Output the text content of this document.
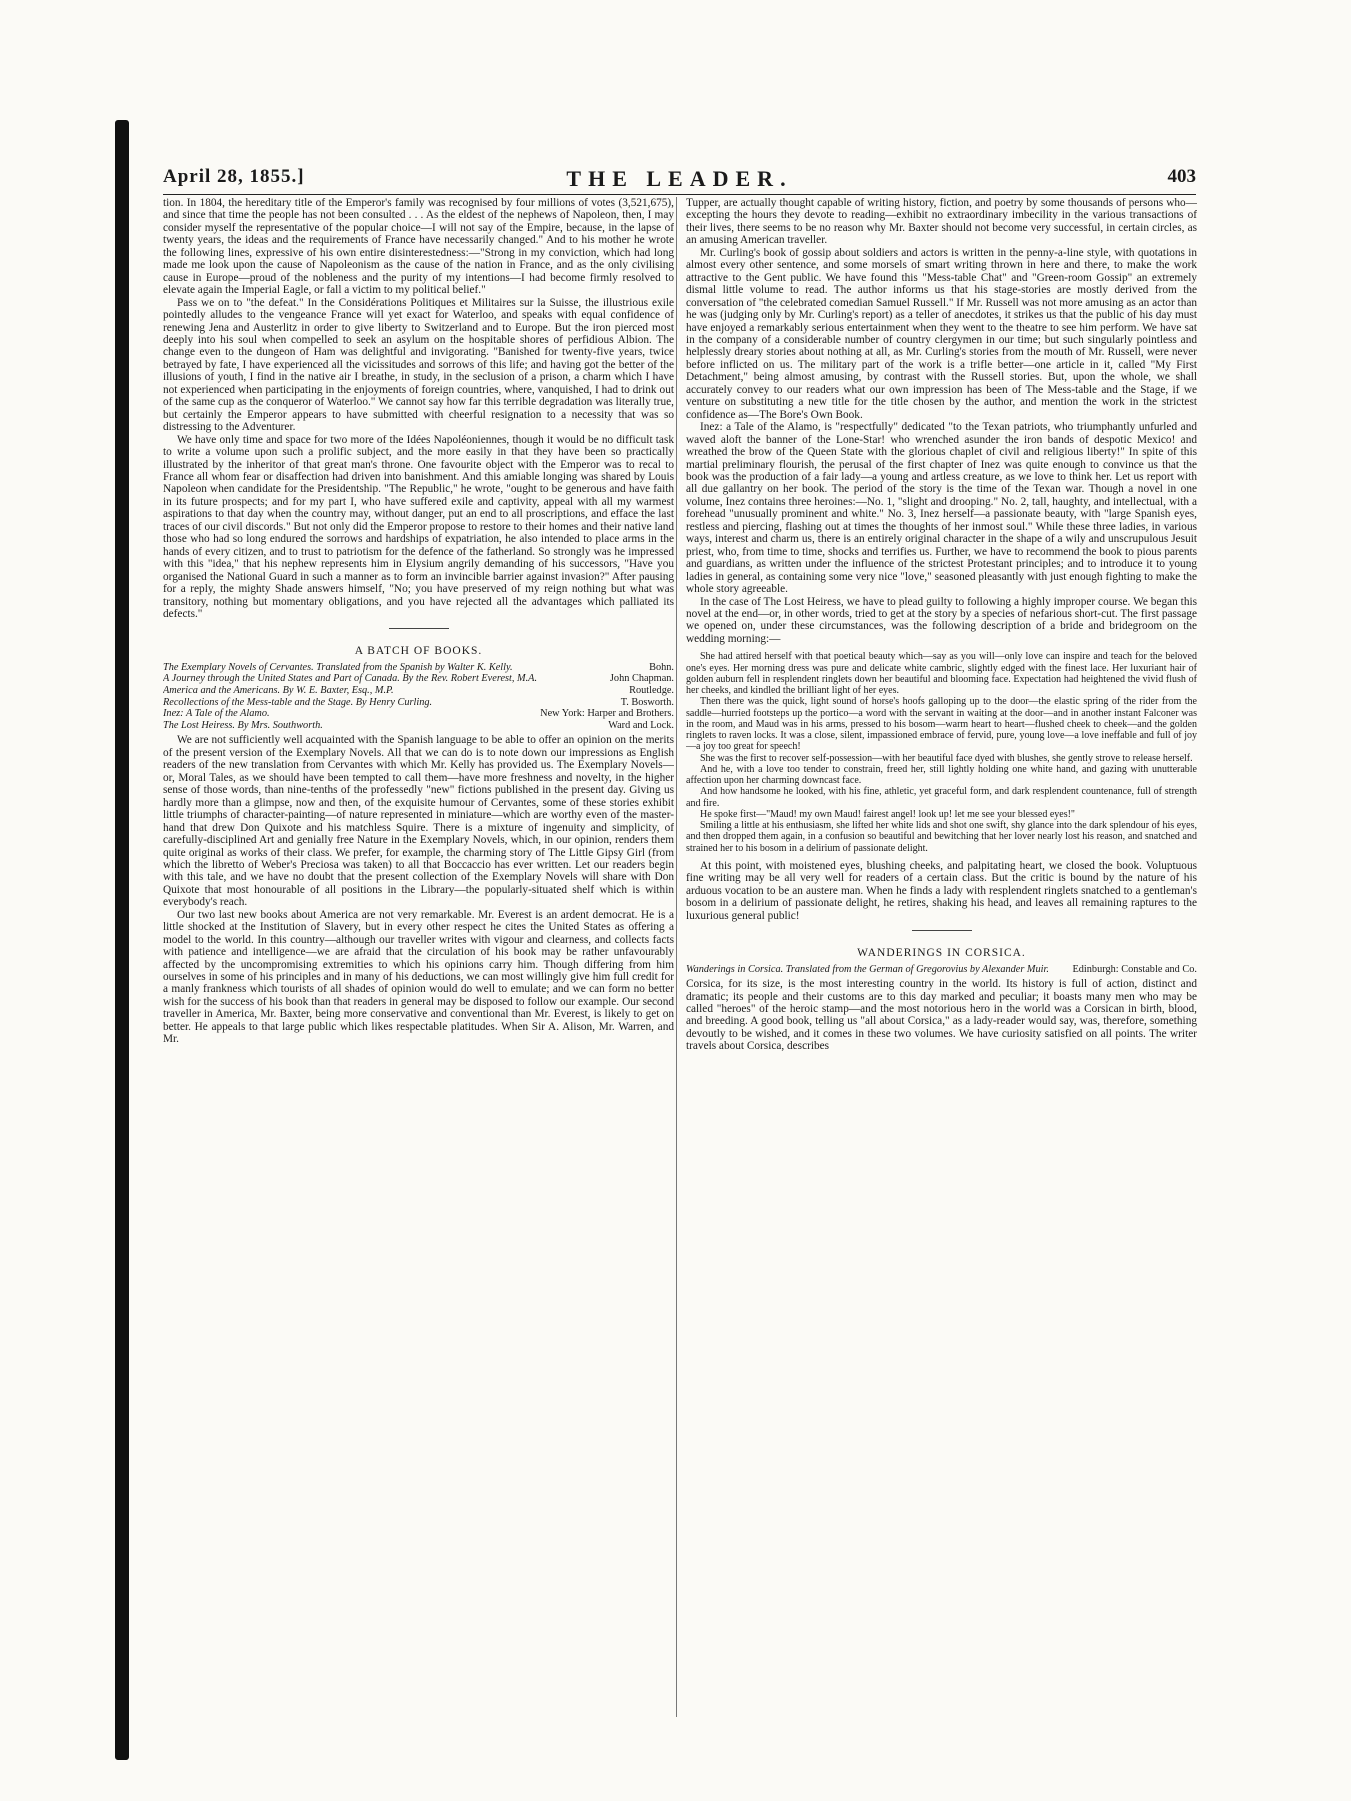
April 28, 1855.]	THE LEADER.	403

tion. In 1804, the hereditary title of the Emperor's family was recognised by four millions of votes (3,521,675), and since that time the people has not been consulted . . . As the eldest of the nephews of Napoleon, then, I may consider myself the representative of the popular choice—I will not say of the Empire, because, in the lapse of twenty years, the ideas and the requirements of France have necessarily changed." And to his mother he wrote the following lines, expressive of his own entire disinterestedness:—"Strong in my conviction, which had long made me look upon the cause of Napoleonism as the cause of the nation in France, and as the only civilising cause in Europe—proud of the nobleness and the purity of my intentions—I had become firmly resolved to elevate again the Imperial Eagle, or fall a victim to my political belief."

Pass we on to "the defeat." In the Considérations Politiques et Militaires sur la Suisse, the illustrious exile pointedly alludes to the vengeance France will yet exact for Waterloo, and speaks with equal confidence of renewing Jena and Austerlitz in order to give liberty to Switzerland and to Europe. But the iron pierced most deeply into his soul when compelled to seek an asylum on the hospitable shores of perfidious Albion. The change even to the dungeon of Ham was delightful and invigorating. "Banished for twenty-five years, twice betrayed by fate, I have experienced all the vicissitudes and sorrows of this life; and having got the better of the illusions of youth, I find in the native air I breathe, in study, in the seclusion of a prison, a charm which I have not experienced when participating in the enjoyments of foreign countries, where, vanquished, I had to drink out of the same cup as the conqueror of Waterloo." We cannot say how far this terrible degradation was literally true, but certainly the Emperor appears to have submitted with cheerful resignation to a necessity that was so distressing to the Adventurer.

We have only time and space for two more of the Idées Napoléoniennes, though it would be no difficult task to write a volume upon such a prolific subject, and the more easily in that they have been so practically illustrated by the inheritor of that great man's throne. One favourite object with the Emperor was to recal to France all whom fear or disaffection had driven into banishment. And this amiable longing was shared by Louis Napoleon when candidate for the Presidentship. "The Republic," he wrote, "ought to be generous and have faith in its future prospects; and for my part I, who have suffered exile and captivity, appeal with all my warmest aspirations to that day when the country may, without danger, put an end to all proscriptions, and efface the last traces of our civil discords." But not only did the Emperor propose to restore to their homes and their native land those who had so long endured the sorrows and hardships of expatriation, he also intended to place arms in the hands of every citizen, and to trust to patriotism for the defence of the fatherland. So strongly was he impressed with this "idea," that his nephew represents him in Elysium angrily demanding of his successors, "Have you organised the National Guard in such a manner as to form an invincible barrier against invasion?" After pausing for a reply, the mighty Shade answers himself, "No; you have preserved of my reign nothing but what was transitory, nothing but momentary obligations, and you have rejected all the advantages which palliated its defects."

A BATCH OF BOOKS.
The Exemplary Novels of Cervantes. Translated from the Spanish by Walter K. Kelly.	Bohn.
A Journey through the United States and Part of Canada. By the Rev. Robert Everest, M.A.	John Chapman.
America and the Americans. By W. E. Baxter, Esq., M.P.	Routledge.
Recollections of the Mess-table and the Stage. By Henry Curling.	T. Bosworth.
Inez: A Tale of the Alamo.	New York: Harper and Brothers.
The Lost Heiress. By Mrs. Southworth.	Ward and Lock.

We are not sufficiently well acquainted with the Spanish language to be able to offer an opinion on the merits of the present version of the Exemplary Novels. All that we can do is to note down our impressions as English readers of the new translation from Cervantes with which Mr. Kelly has provided us. The Exemplary Novels—or, Moral Tales, as we should have been tempted to call them—have more freshness and novelty, in the higher sense of those words, than nine-tenths of the professedly "new" fictions published in the present day. Giving us hardly more than a glimpse, now and then, of the exquisite humour of Cervantes, some of these stories exhibit little triumphs of character-painting—of nature represented in miniature—which are worthy even of the master-hand that drew Don Quixote and his matchless Squire. There is a mixture of ingenuity and simplicity, of carefully-disciplined Art and genially free Nature in the Exemplary Novels, which, in our opinion, renders them quite original as works of their class. We prefer, for example, the charming story of The Little Gipsy Girl (from which the libretto of Weber's Preciosa was taken) to all that Boccaccio has ever written. Let our readers begin with this tale, and we have no doubt that the present collection of the Exemplary Novels will share with Don Quixote that most honourable of all positions in the Library—the popularly-situated shelf which is within everybody's reach.

Our two last new books about America are not very remarkable. Mr. Everest is an ardent democrat. He is a little shocked at the Institution of Slavery, but in every other respect he cites the United States as offering a model to the world. In this country—although our traveller writes with vigour and clearness, and collects facts with patience and intelligence—we are afraid that the circulation of his book may be rather unfavourably affected by the uncompromising extremities to which his opinions carry him. Though differing from him ourselves in some of his principles and in many of his deductions, we can most willingly give him full credit for a manly frankness which tourists of all shades of opinion would do well to emulate; and we can form no better wish for the success of his book than that readers in general may be disposed to follow our example. Our second traveller in America, Mr. Baxter, being more conservative and conventional than Mr. Everest, is likely to get on better. He appeals to that large public which likes respectable platitudes. When Sir A. Alison, Mr. Warren, and Mr.

Tupper, are actually thought capable of writing history, fiction, and poetry by some thousands of persons who—excepting the hours they devote to reading—exhibit no extraordinary imbecility in the various transactions of their lives, there seems to be no reason why Mr. Baxter should not become very successful, in certain circles, as an amusing American traveller.

Mr. Curling's book of gossip about soldiers and actors is written in the penny-a-line style, with quotations in almost every other sentence, and some morsels of smart writing thrown in here and there, to make the work attractive to the Gent public. We have found this "Mess-table Chat" and "Green-room Gossip" an extremely dismal little volume to read. The author informs us that his stage-stories are mostly derived from the conversation of "the celebrated comedian Samuel Russell." If Mr. Russell was not more amusing as an actor than he was (judging only by Mr. Curling's report) as a teller of anecdotes, it strikes us that the public of his day must have enjoyed a remarkably serious entertainment when they went to the theatre to see him perform. We have sat in the company of a considerable number of country clergymen in our time; but such singularly pointless and helplessly dreary stories about nothing at all, as Mr. Curling's stories from the mouth of Mr. Russell, were never before inflicted on us. The military part of the work is a trifle better—one article in it, called "My First Detachment," being almost amusing, by contrast with the Russell stories. But, upon the whole, we shall accurately convey to our readers what our own impression has been of The Mess-table and the Stage, if we venture on substituting a new title for the title chosen by the author, and mention the work in the strictest confidence as—The Bore's Own Book.

Inez: a Tale of the Alamo, is "respectfully" dedicated "to the Texan patriots, who triumphantly unfurled and waved aloft the banner of the Lone-Star! who wrenched asunder the iron bands of despotic Mexico! and wreathed the brow of the Queen State with the glorious chaplet of civil and religious liberty!" In spite of this martial preliminary flourish, the perusal of the first chapter of Inez was quite enough to convince us that the book was the production of a fair lady—a young and artless creature, as we love to think her. Let us report with all due gallantry on her book. The period of the story is the time of the Texan war. Though a novel in one volume, Inez contains three heroines:—No. 1, "slight and drooping." No. 2, tall, haughty, and intellectual, with a forehead "unusually prominent and white." No. 3, Inez herself—a passionate beauty, with "large Spanish eyes, restless and piercing, flashing out at times the thoughts of her inmost soul." While these three ladies, in various ways, interest and charm us, there is an entirely original character in the shape of a wily and unscrupulous Jesuit priest, who, from time to time, shocks and terrifies us. Further, we have to recommend the book to pious parents and guardians, as written under the influence of the strictest Protestant principles; and to introduce it to young ladies in general, as containing some very nice "love," seasoned pleasantly with just enough fighting to make the whole story agreeable.

In the case of The Lost Heiress, we have to plead guilty to following a highly improper course. We began this novel at the end—or, in other words, tried to get at the story by a species of nefarious short-cut. The first passage we opened on, under these circumstances, was the following description of a bride and bridegroom on the wedding morning:—

She had attired herself with that poetical beauty which—say as you will—only love can inspire and teach for the beloved one's eyes. Her morning dress was pure and delicate white cambric, slightly edged with the finest lace. Her luxuriant hair of golden auburn fell in resplendent ringlets down her beautiful and blooming face. Expectation had heightened the vivid flush of her cheeks, and kindled the brilliant light of her eyes.

Then there was the quick, light sound of horse's hoofs galloping up to the door—the elastic spring of the rider from the saddle—hurried footsteps up the portico—a word with the servant in waiting at the door—and in another instant Falconer was in the room, and Maud was in his arms, pressed to his bosom—warm heart to heart—flushed cheek to cheek—and the golden ringlets to raven locks. It was a close, silent, impassioned embrace of fervid, pure, young love—a love ineffable and full of joy—a joy too great for speech!

She was the first to recover self-possession—with her beautiful face dyed with blushes, she gently strove to release herself.

And he, with a love too tender to constrain, freed her, still lightly holding one white hand, and gazing with unutterable affection upon her charming downcast face.

And how handsome he looked, with his fine, athletic, yet graceful form, and dark resplendent countenance, full of strength and fire.

He spoke first—"Maud! my own Maud! fairest angel! look up! let me see your blessed eyes!"

Smiling a little at his enthusiasm, she lifted her white lids and shot one swift, shy glance into the dark splendour of his eyes, and then dropped them again, in a confusion so beautiful and bewitching that her lover nearly lost his reason, and snatched and strained her to his bosom in a delirium of passionate delight.

At this point, with moistened eyes, blushing cheeks, and palpitating heart, we closed the book. Voluptuous fine writing may be all very well for readers of a certain class. But the critic is bound by the nature of his arduous vocation to be an austere man. When he finds a lady with resplendent ringlets snatched to a gentleman's bosom in a delirium of passionate delight, he retires, shaking his head, and leaves all remaining raptures to the luxurious general public!

WANDERINGS IN CORSICA.
Wanderings in Corsica. Translated from the German of Gregorovius by Alexander Muir. Edinburgh: Constable and Co.

Corsica, for its size, is the most interesting country in the world. Its history is full of action, distinct and dramatic; its people and their customs are to this day marked and peculiar; it boasts many men who may be called "heroes" of the heroic stamp—and the most notorious hero in the world was a Corsican in birth, blood, and breeding. A good book, telling us "all about Corsica," as a lady-reader would say, was, therefore, something devoutly to be wished, and it comes in these two volumes. We have curiosity satisfied on all points. The writer travels about Corsica, describes
